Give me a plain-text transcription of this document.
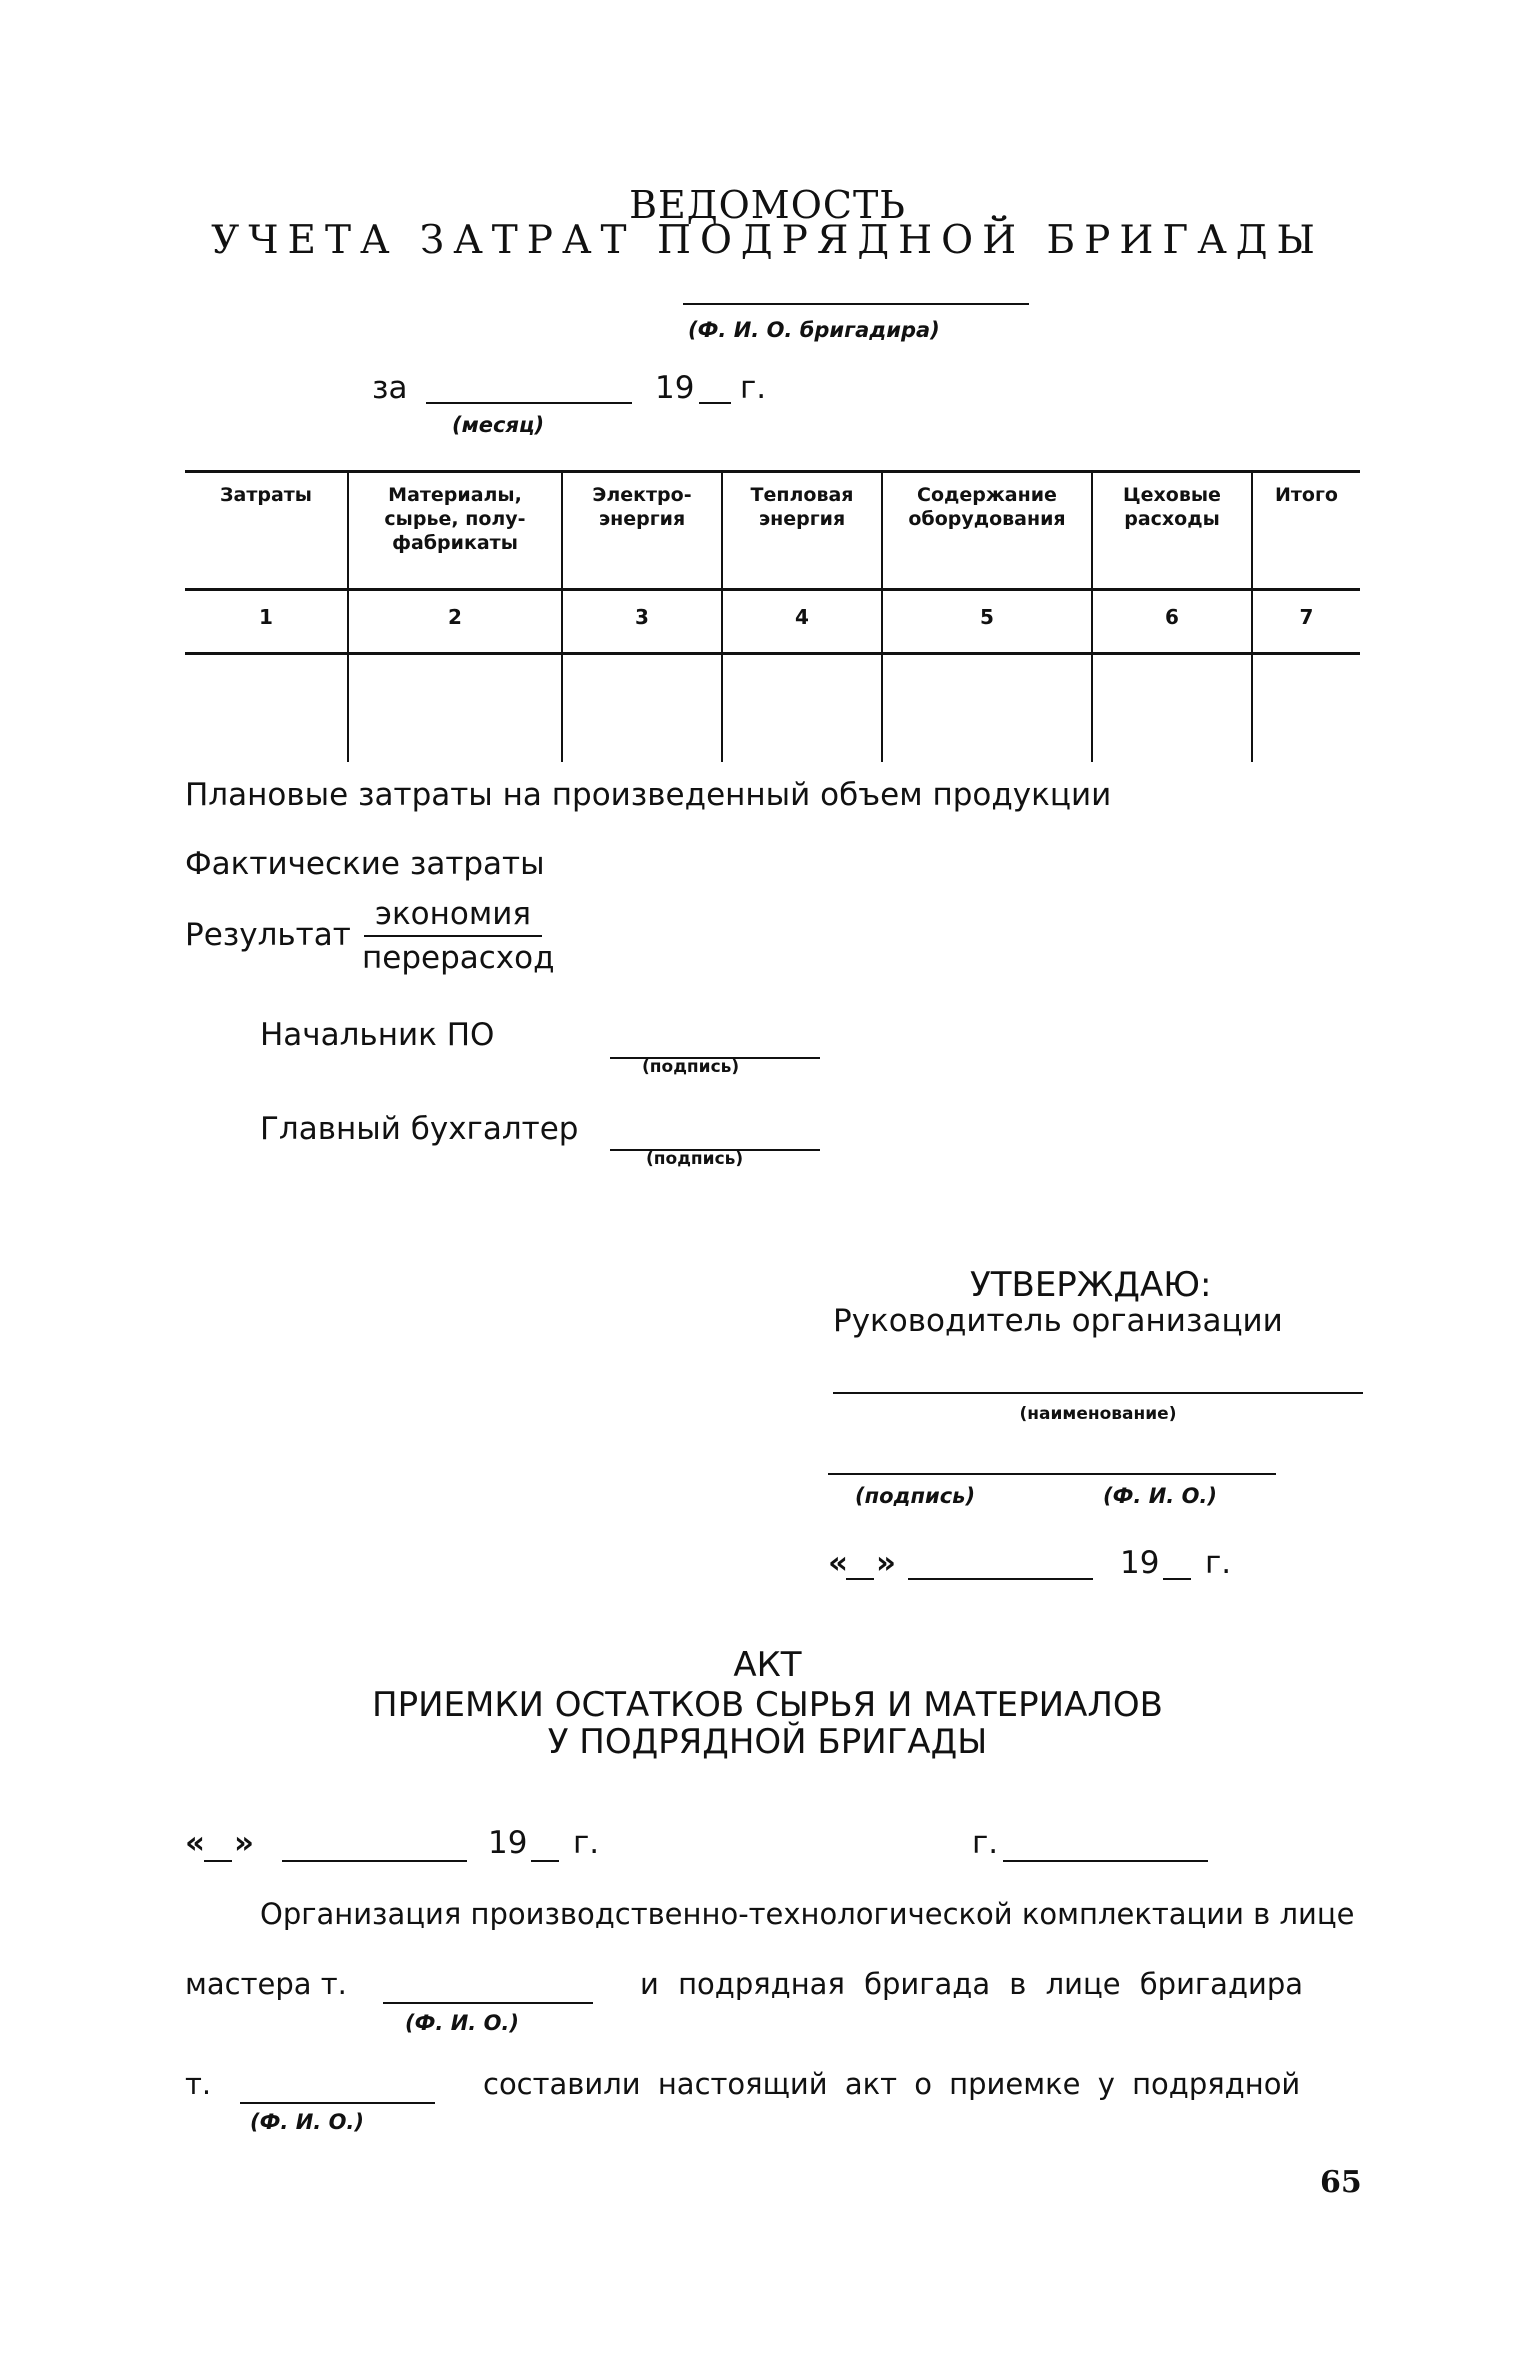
ВЕДОМОСТЬ
УЧЕТА ЗАТРАТ ПОДРЯДНОЙ БРИГАДЫ
(Ф. И. О. бригадира)
за	19 г.
(месяц)
Затраты	Материалы, сырье, полу- фабрикаты	Электро- энергия	Тепловая энергия	Содержание оборудования	Цеховые расходы	Итого
1	2	3	4	5	6	7

Плановые затраты на произведенный объем продукции
Фактические затраты
Результат
экономия
перерасход
Начальник ПО
(подпись)
Главный бухгалтер
(подпись)
УТВЕРЖДАЮ:
Руководитель организации
(наименование)
(подпись)	(Ф. И. О.)
« »	19 г.
АКТ
ПРИЕМКИ ОСТАТКОВ СЫРЬЯ И МАТЕРИАЛОВ
У ПОДРЯДНОЙ БРИГАДЫ
« »	19 г.	г.
Организация производственно-технологической комплектации в лице
мастера т.
(Ф. И. О.)
и подрядная бригада в лице бригадира
т.
(Ф. И. О.)
составили настоящий акт о приемке у подрядной
65
